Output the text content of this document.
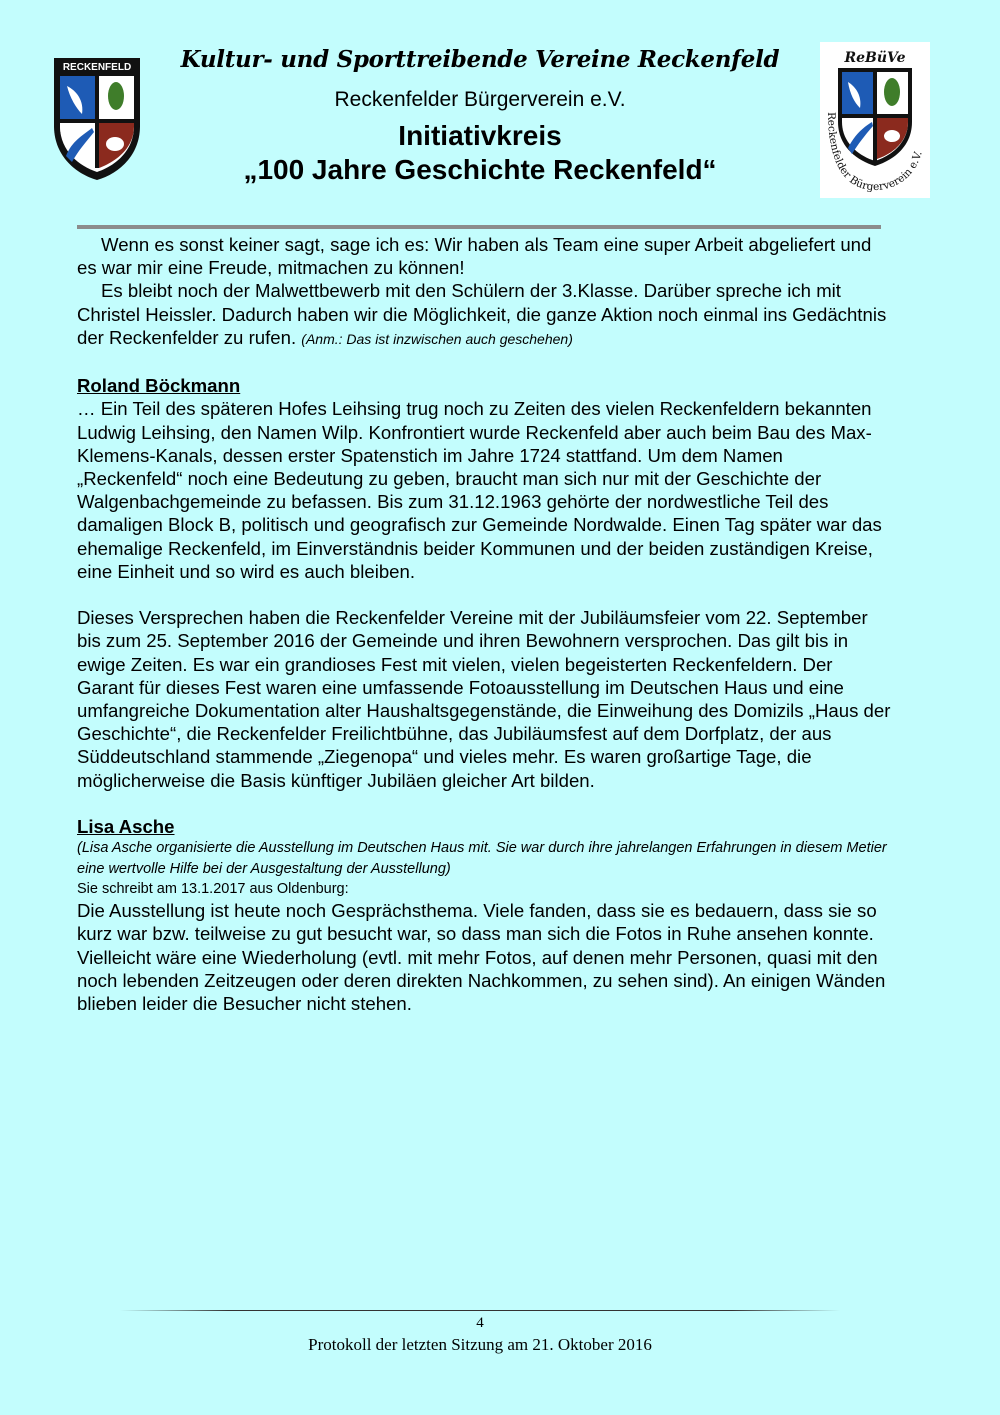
RECKENFELD
ReBüVe
Reckenfelder Bürgerverein e.V.
Kultur- und Sporttreibende Vereine Reckenfeld
Reckenfelder Bürgerverein e.V.
Initiativkreis
„100 Jahre Geschichte Reckenfeld“

Wenn es sonst keiner sagt, sage ich es: Wir haben als Team eine super Arbeit abgeliefert und es war mir eine Freude, mitmachen zu können!

Es bleibt noch der Malwettbewerb mit den Schülern der 3.Klasse. Darüber spreche ich mit Christel Heissler. Dadurch haben wir die Möglichkeit, die ganze Aktion noch einmal ins Gedächtnis der Reckenfelder zu rufen. (Anm.: Das ist inzwischen auch geschehen)

Roland Böckmann

… Ein Teil des späteren Hofes Leihsing trug noch zu Zeiten des vielen Reckenfeldern bekannten Ludwig Leihsing, den Namen Wilp. Konfrontiert wurde Reckenfeld aber auch beim Bau des Max-Klemens-Kanals, dessen erster Spatenstich im Jahre 1724 stattfand. Um dem Namen „Reckenfeld“ noch eine Bedeutung zu geben, braucht man sich nur mit der Geschichte der Walgenbachgemeinde zu befassen. Bis zum 31.12.1963 gehörte der nordwestliche Teil des damaligen Block B, politisch und geografisch zur Gemeinde Nordwalde. Einen Tag später war das ehemalige Reckenfeld, im Einverständnis beider Kommunen und der beiden zuständigen Kreise, eine Einheit und so wird es auch bleiben.

Dieses Versprechen haben die Reckenfelder Vereine mit der Jubiläumsfeier vom 22. September bis zum 25. September 2016 der Gemeinde und ihren Bewohnern versprochen. Das gilt bis in ewige Zeiten. Es war ein grandioses Fest mit vielen, vielen begeisterten Reckenfeldern. Der Garant für dieses Fest waren eine umfassende Fotoausstellung im Deutschen Haus und eine umfangreiche Dokumentation alter Haushaltsgegenstände, die Einweihung des Domizils „Haus der Geschichte“, die Reckenfelder Freilichtbühne, das Jubiläumsfest auf dem Dorfplatz, der aus Süddeutschland stammende „Ziegenopa“ und vieles mehr. Es waren großartige Tage, die möglicherweise die Basis künftiger Jubiläen gleicher Art bilden.

Lisa Asche

(Lisa Asche organisierte die Ausstellung im Deutschen Haus mit. Sie war durch ihre jahrelangen Erfahrungen in diesem Metier eine wertvolle Hilfe bei der Ausgestaltung der Ausstellung)

Sie schreibt am 13.1.2017 aus Oldenburg:

Die Ausstellung ist heute noch Gesprächsthema. Viele fanden, dass sie es bedauern, dass sie so kurz war bzw. teilweise zu gut besucht war, so dass man sich die Fotos in Ruhe ansehen konnte.

Vielleicht wäre eine Wiederholung (evtl. mit mehr Fotos, auf denen mehr Personen, quasi mit den noch lebenden Zeitzeugen oder deren direkten Nachkommen, zu sehen sind). An einigen Wänden blieben leider die Besucher nicht stehen.

4
Protokoll der letzten Sitzung am 21. Oktober 2016
